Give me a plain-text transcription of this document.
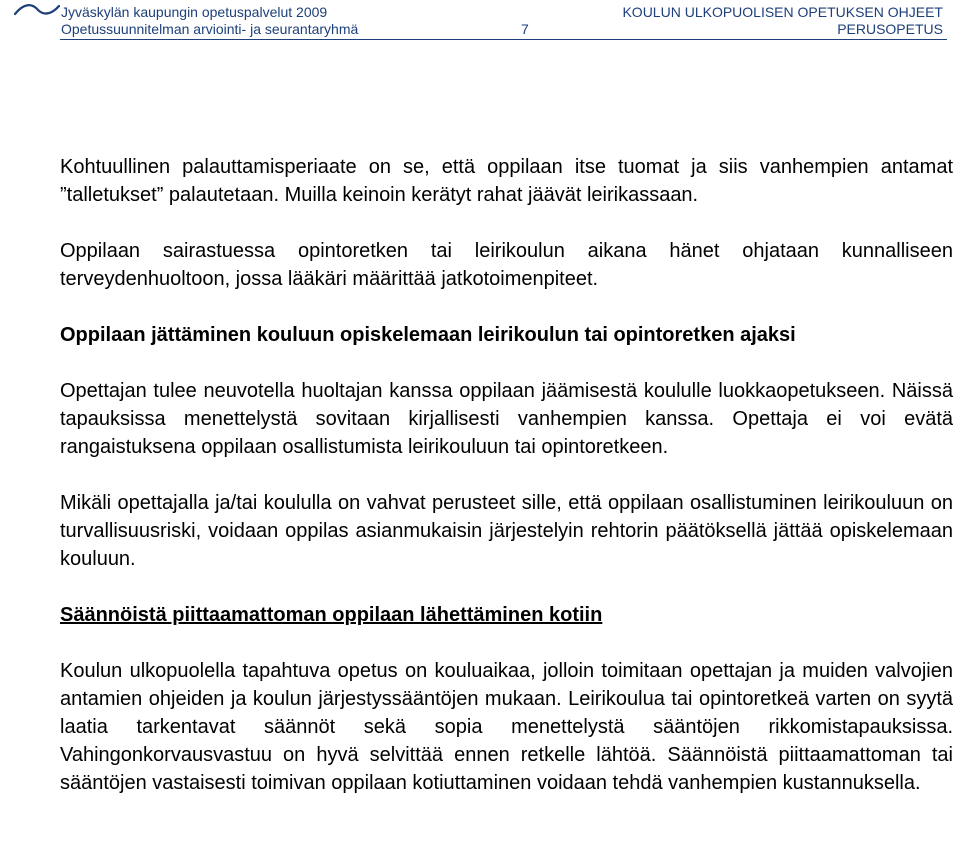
Jyväskylän kaupungin opetuspalvelut 2009
Opetussuunnitelman arviointi- ja seurantaryhmä	7
KOULUN ULKOPUOLISEN OPETUKSEN OHJEET
PERUSOPETUS

Kohtuullinen palauttamisperiaate on se, että oppilaan itse tuomat ja siis vanhempien antamat ”talletukset” palautetaan. Muilla keinoin kerätyt rahat jäävät leirikassaan.

Oppilaan sairastuessa opintoretken tai leirikoulun aikana hänet ohjataan kunnalliseen terveydenhuoltoon, jossa lääkäri määrittää jatkotoimenpiteet.

Oppilaan jättäminen kouluun opiskelemaan leirikoulun tai opintoretken ajaksi

Opettajan tulee neuvotella huoltajan kanssa oppilaan jäämisestä koululle luokkaopetukseen. Näissä tapauksissa menettelystä sovitaan kirjallisesti vanhempien kanssa. Opettaja ei voi evätä rangaistuksena oppilaan osallistumista leirikouluun tai opintoretkeen.

Mikäli opettajalla ja/tai koululla on vahvat perusteet sille, että oppilaan osallistuminen leirikouluun on turvallisuusriski, voidaan oppilas asianmukaisin järjestelyin rehtorin päätöksellä jättää opiskelemaan kouluun.

Säännöistä piittaamattoman oppilaan lähettäminen kotiin

Koulun ulkopuolella tapahtuva opetus on kouluaikaa, jolloin toimitaan opettajan ja muiden valvojien antamien ohjeiden ja koulun järjestyssääntöjen mukaan. Leirikoulua tai opintoretkeä varten on syytä laatia tarkentavat säännöt sekä sopia menettelystä sääntöjen rikkomistapauksissa. Vahingonkorvausvastuu on hyvä selvittää ennen retkelle lähtöä. Säännöistä piittaamattoman tai sääntöjen vastaisesti toimivan oppilaan kotiuttaminen voidaan tehdä vanhempien kustannuksella.
